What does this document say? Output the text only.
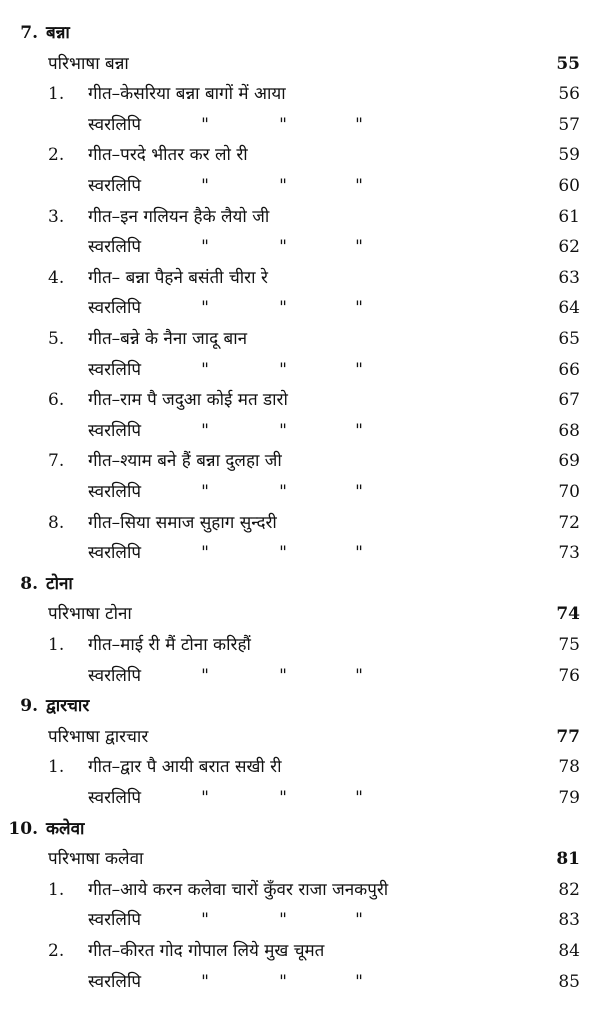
7. बन्ना
परिभाषा बन्ना	55
1.	गीत–केसरिया बन्ना बागों में आया	56
स्वरलिपि	"	"	"	57
2.	गीत–परदे भीतर कर लो री	59
स्वरलिपि	"	"	"	60
3.	गीत–इन गलियन हैके लैयो जी	61
स्वरलिपि	"	"	"	62
4.	गीत– बन्ना पैहने बसंती चीरा रे	63
स्वरलिपि	"	"	"	64
5.	गीत–बन्ने के नैना जादू बान	65
स्वरलिपि	"	"	"	66
6.	गीत–राम पै जदुआ कोई मत डारो	67
स्वरलिपि	"	"	"	68
7.	गीत–श्याम बने हैं बन्ना दुलहा जी	69
स्वरलिपि	"	"	"	70
8.	गीत–सिया समाज सुहाग सुन्दरी	72
स्वरलिपि	"	"	"	73
8. टोना
परिभाषा टोना	74
1.	गीत–माई री मैं टोना करिहौं	75
स्वरलिपि	"	"	"	76
9. द्वारचार
परिभाषा द्वारचार	77
1.	गीत–द्वार पै आयी बरात सखी री	78
स्वरलिपि	"	"	"	79
10. कलेवा
परिभाषा कलेवा	81
1.	गीत–आये करन कलेवा चारों कुँवर राजा जनकपुरी	82
स्वरलिपि	"	"	"	83
2.	गीत–कीरत गोद गोपाल लिये मुख चूमत	84
स्वरलिपि	"	"	"	85
